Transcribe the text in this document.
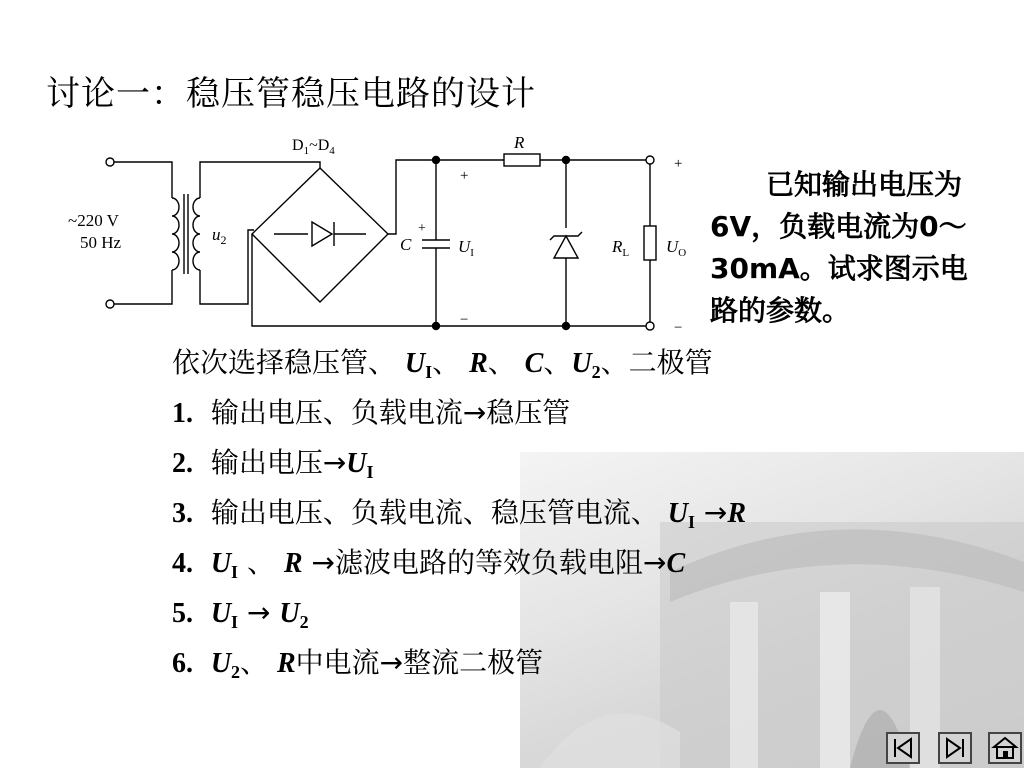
讨论一：稳压管稳压电路的设计
~220 V
50 Hz	$u_2$
$D_1\sim D_4$	R
C
+
+
−
$U_I$	$R_L$ $U_O$
+
−
已知输出电压为
6V，负载电流为0～
30mA。试求图示电
路的参数。
依次选择稳压管、 $U_I$、 R、 C、$U_2$、二极管
1. 输出电压、负载电流→稳压管
2. 输出电压$\to U_I$
3. 输出电压、负载电流、稳压管电流、 $U_I \to R$
4. $U_I$ 、 R →滤波电路的等效负载电阻→C
5. $U_I \to U_2$
6. $U_2$、 R中电流→整流二极管
